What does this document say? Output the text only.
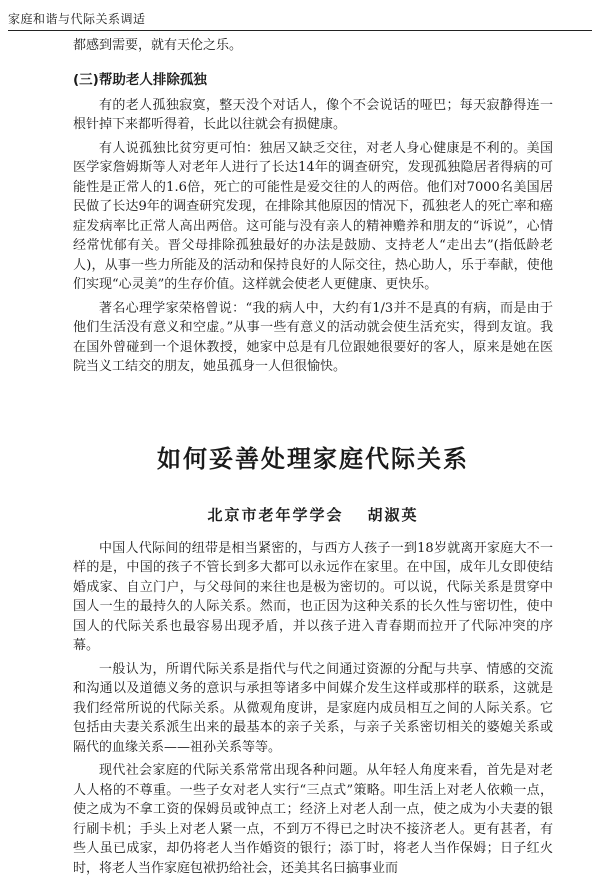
家庭和谐与代际关系调适

都感到需要，就有天伦之乐。

(三)帮助老人排除孤独

有的老人孤独寂寞，整天没个对话人，像个不会说话的哑巴；每天寂静得连一根针掉下来都听得着，长此以往就会有损健康。

有人说孤独比贫穷更可怕：独居又缺乏交往，对老人身心健康是不利的。美国医学家詹姆斯等人对老年人进行了长达14年的调查研究，发现孤独隐居者得病的可能性是正常人的1.6倍，死亡的可能性是爱交往的人的两倍。他们对7000名美国居民做了长达9年的调查研究发现，在排除其他原因的情况下，孤独老人的死亡率和癌症发病率比正常人高出两倍。这可能与没有亲人的精神赡养和朋友的“诉说”，心情经常忧郁有关。晋父母排除孤独最好的办法是鼓励、支持老人“走出去”(指低龄老人)，从事一些力所能及的活动和保持良好的人际交往，热心助人，乐于奉献，使他们实现“心灵美”的生存价值。这样就会使老人更健康、更快乐。

著名心理学家荣格曾说：“我的病人中，大约有1/3并不是真的有病，而是由于他们生活没有意义和空虚。”从事一些有意义的活动就会使生活充实，得到友谊。我在国外曾碰到一个退休教授，她家中总是有几位跟她很要好的客人，原来是她在医院当义工结交的朋友，她虽孤身一人但很愉快。

如何妥善处理家庭代际关系
北京市老年学学会 胡淑英

中国人代际间的纽带是相当紧密的，与西方人孩子一到18岁就离开家庭大不一样的是，中国的孩子不管长到多大都可以永远作在家里。在中国，成年儿女即使结婚成家、自立门户，与父母间的来往也是极为密切的。可以说，代际关系是贯穿中国人一生的最持久的人际关系。然而，也正因为这种关系的长久性与密切性，使中国人的代际关系也最容易出现矛盾，并以孩子进入青春期而拉开了代际冲突的序幕。

一般认为，所谓代际关系是指代与代之间通过资源的分配与共享、情感的交流和沟通以及道德义务的意识与承担等诸多中间媒介发生这样或那样的联系，这就是我们经常所说的代际关系。从微观角度讲，是家庭内成员相互之间的人际关系。它包括由夫妻关系派生出来的最基本的亲子关系，与亲子关系密切相关的婆媳关系或隔代的血缘关系——祖孙关系等等。

现代社会家庭的代际关系常常出现各种问题。从年轻人角度来看，首先是对老人人格的不尊重。一些子女对老人实行“三点式”策略。叩生活上对老人依赖一点，使之成为不拿工资的保姆员或钟点工；经济上对老人刮一点，使之成为小夫妻的银行刷卡机；手头上对老人紧一点，不到万不得已之时决不接济老人。更有甚者，有些人虽已成家，却仍将老人当作婚资的银行；添丁时，将老人当作保姆；日子红火时，将老人当作家庭包袱扔给社会，还美其名曰搞事业而
